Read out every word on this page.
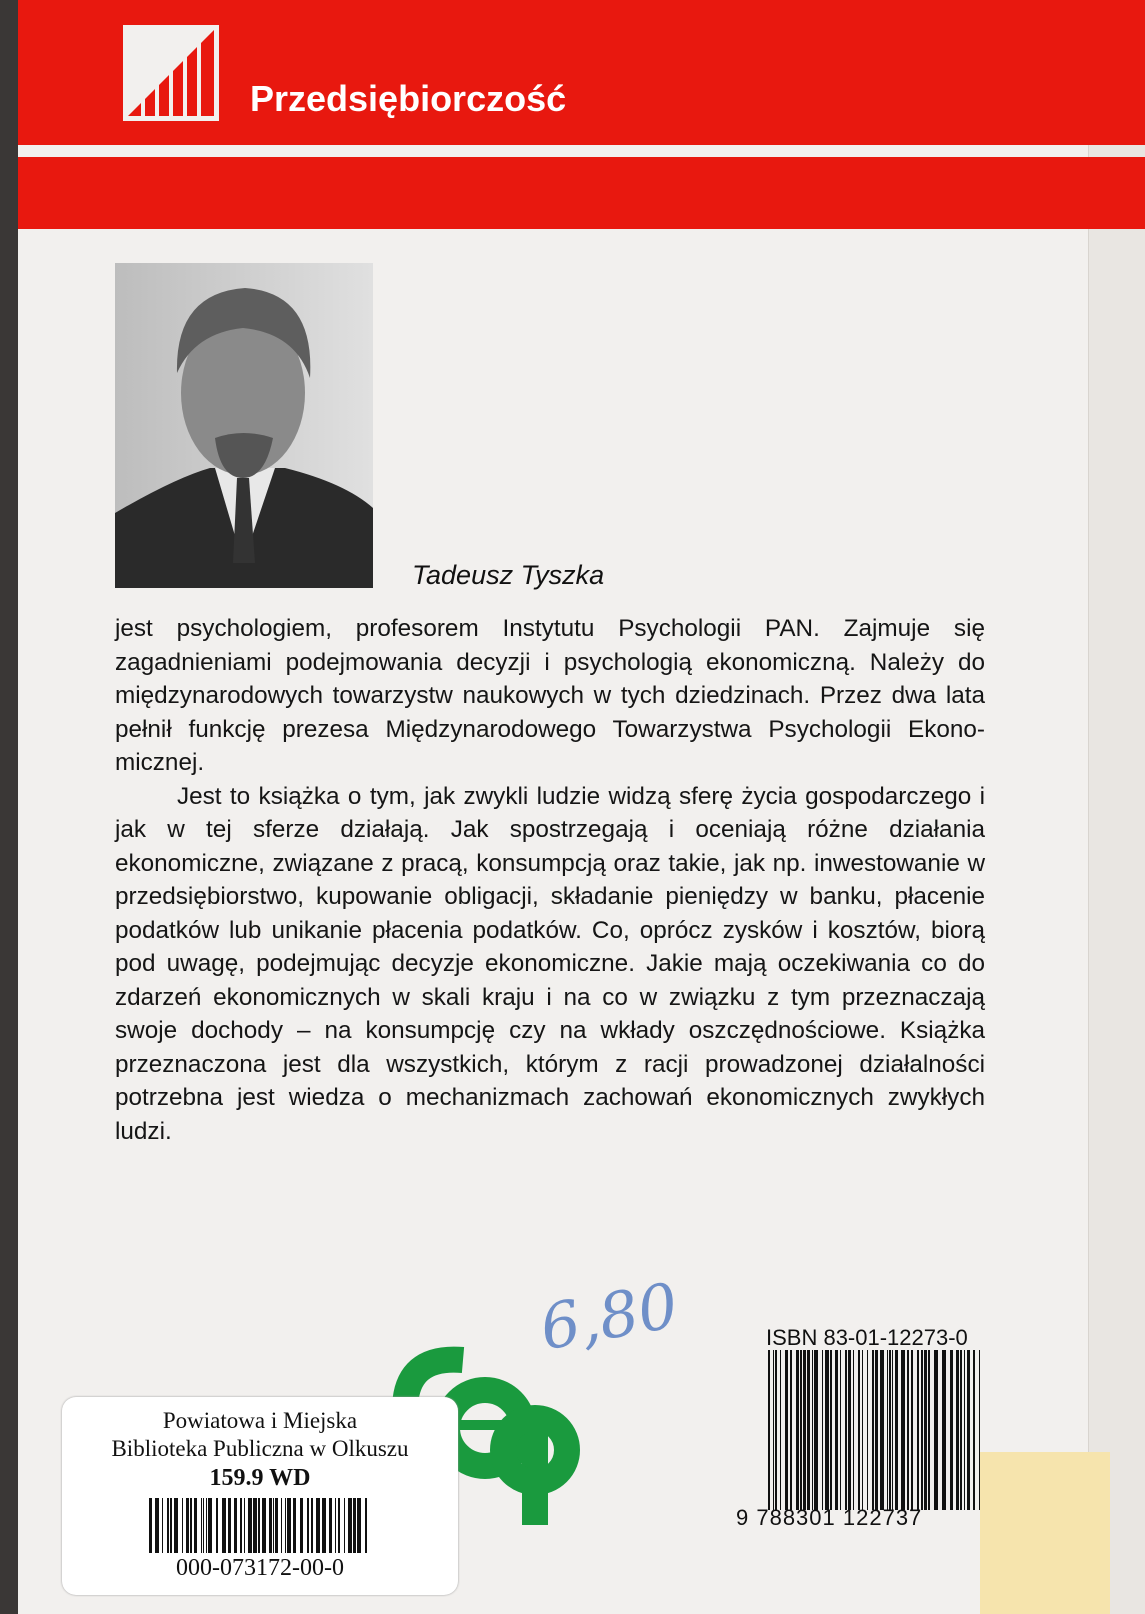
Przedsiębiorczość
Tadeusz Tyszka

jest psychologiem, profesorem Instytutu Psychologii PAN. Zajmuje się zagadnieniami podejmowania decyzji i psychologią ekonomiczną. Należy do międzynarodowych towarzystw naukowych w tych dziedzinach. Przez dwa lata pełnił funkcję prezesa Międzynarodowego Towarzystwa Psychologii Ekonomicznej.

Jest to książka o tym, jak zwykli ludzie widzą sferę życia gospodarczego i jak w tej sferze działają. Jak spostrzegają i oceniają różne działania ekonomiczne, związane z pracą, konsumpcją oraz takie, jak np. inwestowanie w przedsiębiorstwo, kupowanie obligacji, składanie pieniędzy w banku, płacenie podatków lub unikanie płacenia podatków. Co, oprócz zysków i kosztów, biorą pod uwagę, podejmując decyzje ekonomiczne. Jakie mają oczekiwania co do zdarzeń ekonomicznych w skali kraju i na co w związku z tym przeznaczają swoje dochody – na konsumpcję czy na wkłady oszczędnościowe. Książka przeznaczona jest dla wszystkich, którym z racji prowadzonej działalności potrzebna jest wiedza o mechanizmach zachowań ekonomicznych zwykłych ludzi.

6,80	ISBN 83-01-12273-0
9 788301 122737
Powiatowa i Miejska
Biblioteka Publiczna w Olkuszu
159.9 WD
000-073172-00-0
